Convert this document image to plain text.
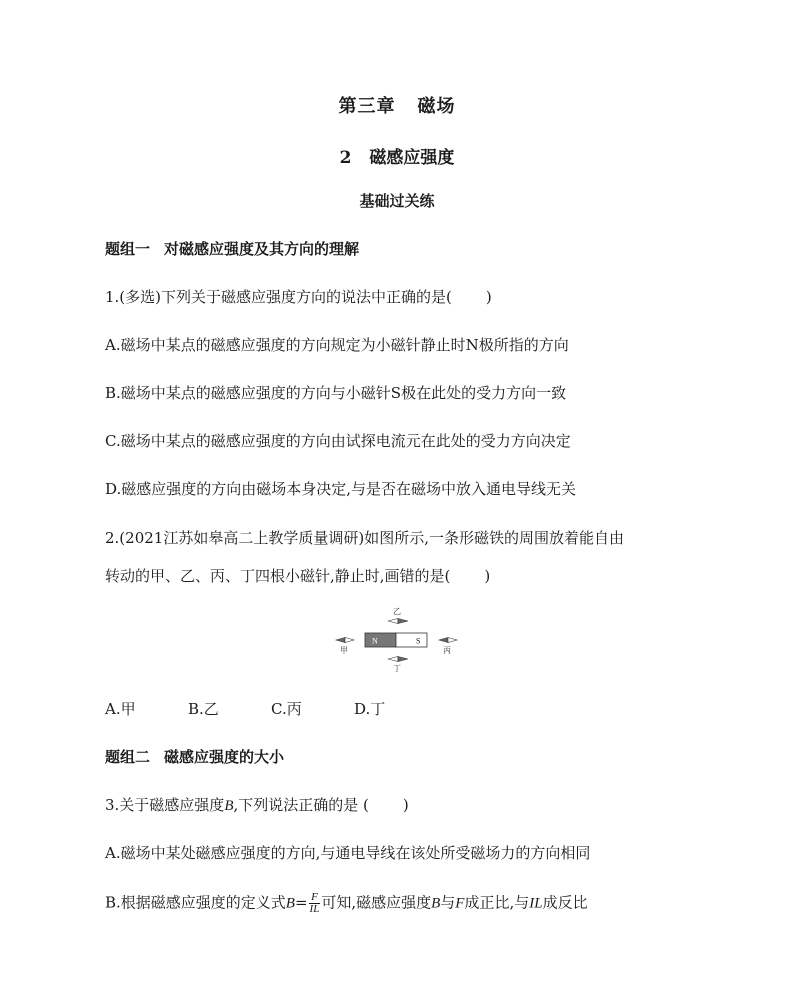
第三章 磁场
2 磁感应强度
基础过关练
题组一 对磁感应强度及其方向的理解
1.(多选)下列关于磁感应强度方向的说法中正确的是( )
A.磁场中某点的磁感应强度的方向规定为小磁针静止时N极所指的方向
B.磁场中某点的磁感应强度的方向与小磁针S极在此处的受力方向一致
C.磁场中某点的磁感应强度的方向由试探电流元在此处的受力方向决定
D.磁感应强度的方向由磁场本身决定,与是否在磁场中放入通电导线无关
2.(2021江苏如皋高二上教学质量调研)如图所示,一条形磁铁的周围放着能自由
转动的甲、乙、丙、丁四根小磁针,静止时,画错的是( )
N	S
乙
甲	丙
丁
A.甲	B.乙	C.丙	D.丁
题组二 磁感应强度的大小
3.关于磁感应强度B,下列说法正确的是 ( )
A.磁场中某处磁感应强度的方向,与通电导线在该处所受磁场力的方向相同
B.根据磁感应强度的定义式$B= \frac{F}{IL}$ 可知,磁感应强度B与F成正比,与IL成反比
